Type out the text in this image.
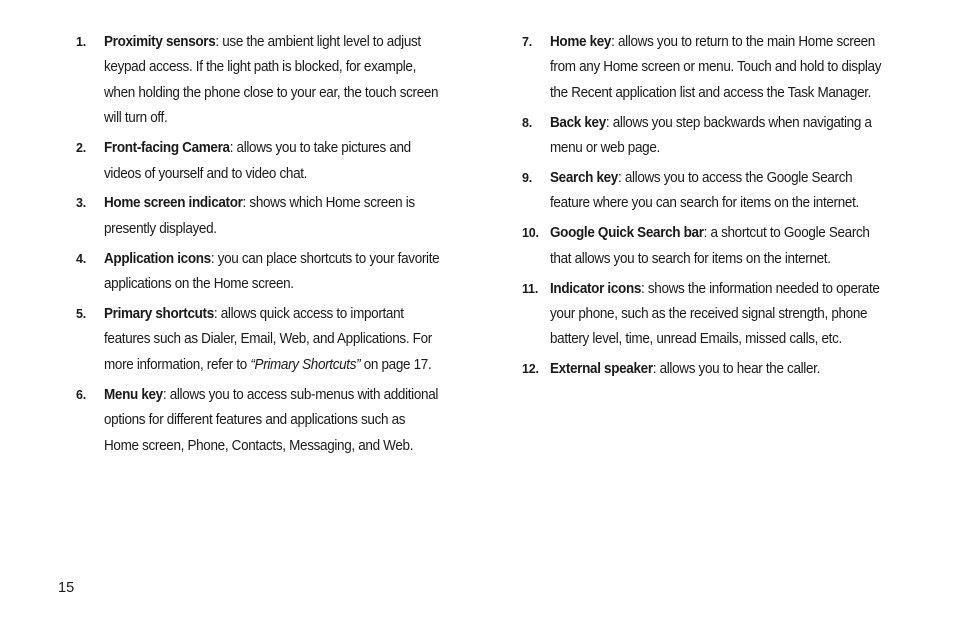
1.	Proximity sensors: use the ambient light level to adjust keypad access. If the light path is blocked, for example, when holding the phone close to your ear, the touch screen will turn off.
2.	Front-facing Camera: allows you to take pictures and videos of yourself and to video chat.
3.	Home screen indicator: shows which Home screen is presently displayed.
4.	Application icons: you can place shortcuts to your favorite applications on the Home screen.
5.	Primary shortcuts: allows quick access to important features such as Dialer, Email, Web, and Applications. For more information, refer to “Primary Shortcuts” on page 17.
6.	Menu key: allows you to access sub-menus with additional options for different features and applications such as Home screen, Phone, Contacts, Messaging, and Web.
7.	Home key: allows you to return to the main Home screen from any Home screen or menu. Touch and hold to display the Recent application list and access the Task Manager.
8.	Back key: allows you step backwards when navigating a menu or web page.
9.	Search key: allows you to access the Google Search feature where you can search for items on the internet.
10. Google Quick Search bar: a shortcut to Google Search that allows you to search for items on the internet.
11. Indicator icons: shows the information needed to operate your phone, such as the received signal strength, phone battery level, time, unread Emails, missed calls, etc.
12. External speaker: allows you to hear the caller.
15
